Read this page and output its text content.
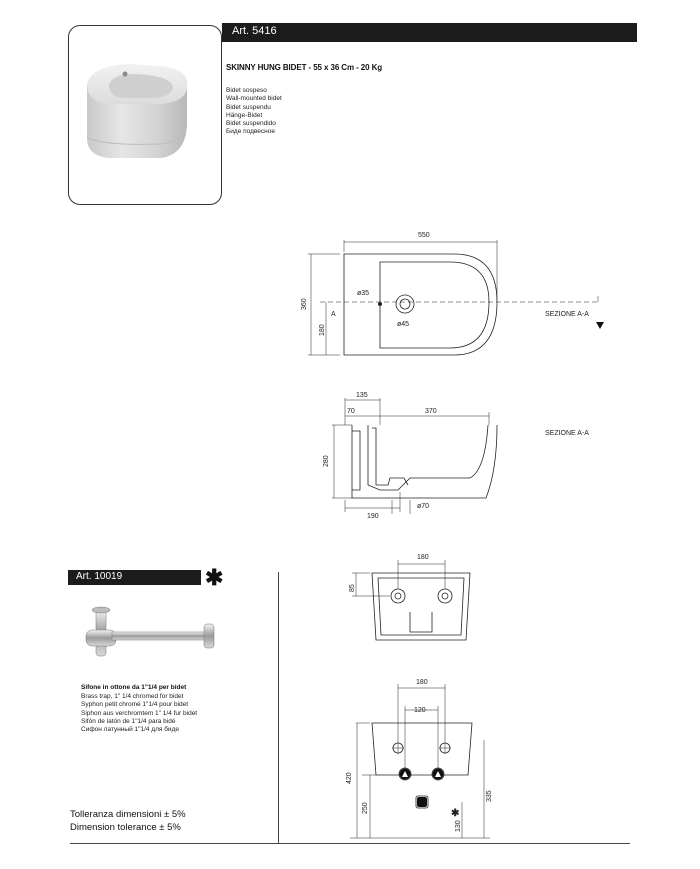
Art. 5416
SKINNY HUNG BIDET - 55 x 36 Cm - 20 Kg
Bidet sospeso
Wall-mounted bidet
Bidet suspendu
Hänge-Bidet
Bidet suspendido
Биде подвесное
550
360
180
ø35
ø45
A	SEZIONE A-A
SEZIONE A-A
135
70	370
280
190
ø70
180
85
180
120
420
250
130
335
✱
Art. 10019	✱
Sifone in ottone da 1"1/4 per bidet
Brass trap, 1" 1/4 chromed for bidet
Syphon petit chromé 1"1/4 pour bidet
Siphon aus verchromtem 1" 1/4 fur bidet
Sifón de latón de 1"1/4 para bidé
Сифон латунный 1"1/4 для биде
Tolleranza dimensioni ± 5%
Dimension tolerance ± 5%
